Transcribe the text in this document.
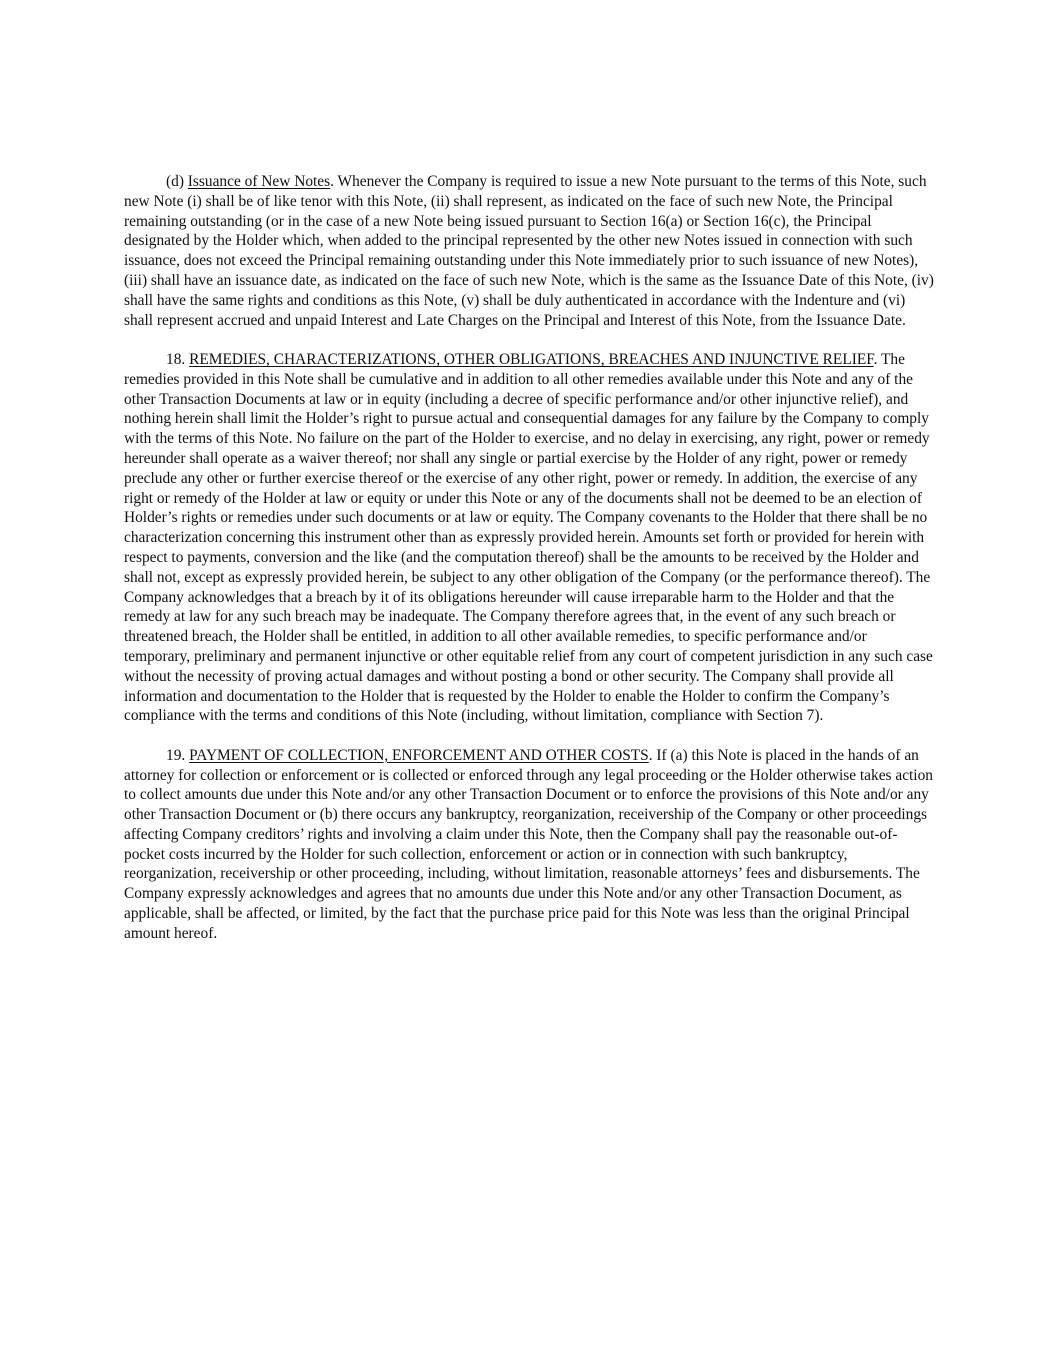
(d) Issuance of New Notes. Whenever the Company is required to issue a new Note pursuant to the terms of this Note, such new Note (i) shall be of like tenor with this Note, (ii) shall represent, as indicated on the face of such new Note, the Principal remaining outstanding (or in the case of a new Note being issued pursuant to Section 16(a) or Section 16(c), the Principal designated by the Holder which, when added to the principal represented by the other new Notes issued in connection with such issuance, does not exceed the Principal remaining outstanding under this Note immediately prior to such issuance of new Notes), (iii) shall have an issuance date, as indicated on the face of such new Note, which is the same as the Issuance Date of this Note, (iv) shall have the same rights and conditions as this Note, (v) shall be duly authenticated in accordance with the Indenture and (vi) shall represent accrued and unpaid Interest and Late Charges on the Principal and Interest of this Note, from the Issuance Date.

18. REMEDIES, CHARACTERIZATIONS, OTHER OBLIGATIONS, BREACHES AND INJUNCTIVE RELIEF. The remedies provided in this Note shall be cumulative and in addition to all other remedies available under this Note and any of the other Transaction Documents at law or in equity (including a decree of specific performance and/or other injunctive relief), and nothing herein shall limit the Holder’s right to pursue actual and consequential damages for any failure by the Company to comply with the terms of this Note. No failure on the part of the Holder to exercise, and no delay in exercising, any right, power or remedy hereunder shall operate as a waiver thereof; nor shall any single or partial exercise by the Holder of any right, power or remedy preclude any other or further exercise thereof or the exercise of any other right, power or remedy. In addition, the exercise of any right or remedy of the Holder at law or equity or under this Note or any of the documents shall not be deemed to be an election of Holder’s rights or remedies under such documents or at law or equity. The Company covenants to the Holder that there shall be no characterization concerning this instrument other than as expressly provided herein. Amounts set forth or provided for herein with respect to payments, conversion and the like (and the computation thereof) shall be the amounts to be received by the Holder and shall not, except as expressly provided herein, be subject to any other obligation of the Company (or the performance thereof). The Company acknowledges that a breach by it of its obligations hereunder will cause irreparable harm to the Holder and that the remedy at law for any such breach may be inadequate. The Company therefore agrees that, in the event of any such breach or threatened breach, the Holder shall be entitled, in addition to all other available remedies, to specific performance and/or temporary, preliminary and permanent injunctive or other equitable relief from any court of competent jurisdiction in any such case without the necessity of proving actual damages and without posting a bond or other security. The Company shall provide all information and documentation to the Holder that is requested by the Holder to enable the Holder to confirm the Company’s compliance with the terms and conditions of this Note (including, without limitation, compliance with Section 7).

19. PAYMENT OF COLLECTION, ENFORCEMENT AND OTHER COSTS. If (a) this Note is placed in the hands of an attorney for collection or enforcement or is collected or enforced through any legal proceeding or the Holder otherwise takes action to collect amounts due under this Note and/or any other Transaction Document or to enforce the provisions of this Note and/or any other Transaction Document or (b) there occurs any bankruptcy, reorganization, receivership of the Company or other proceedings affecting Company creditors’ rights and involving a claim under this Note, then the Company shall pay the reasonable out-of-pocket costs incurred by the Holder for such collection, enforcement or action or in connection with such bankruptcy, reorganization, receivership or other proceeding, including, without limitation, reasonable attorneys’ fees and disbursements. The Company expressly acknowledges and agrees that no amounts due under this Note and/or any other Transaction Document, as applicable, shall be affected, or limited, by the fact that the purchase price paid for this Note was less than the original Principal amount hereof.
